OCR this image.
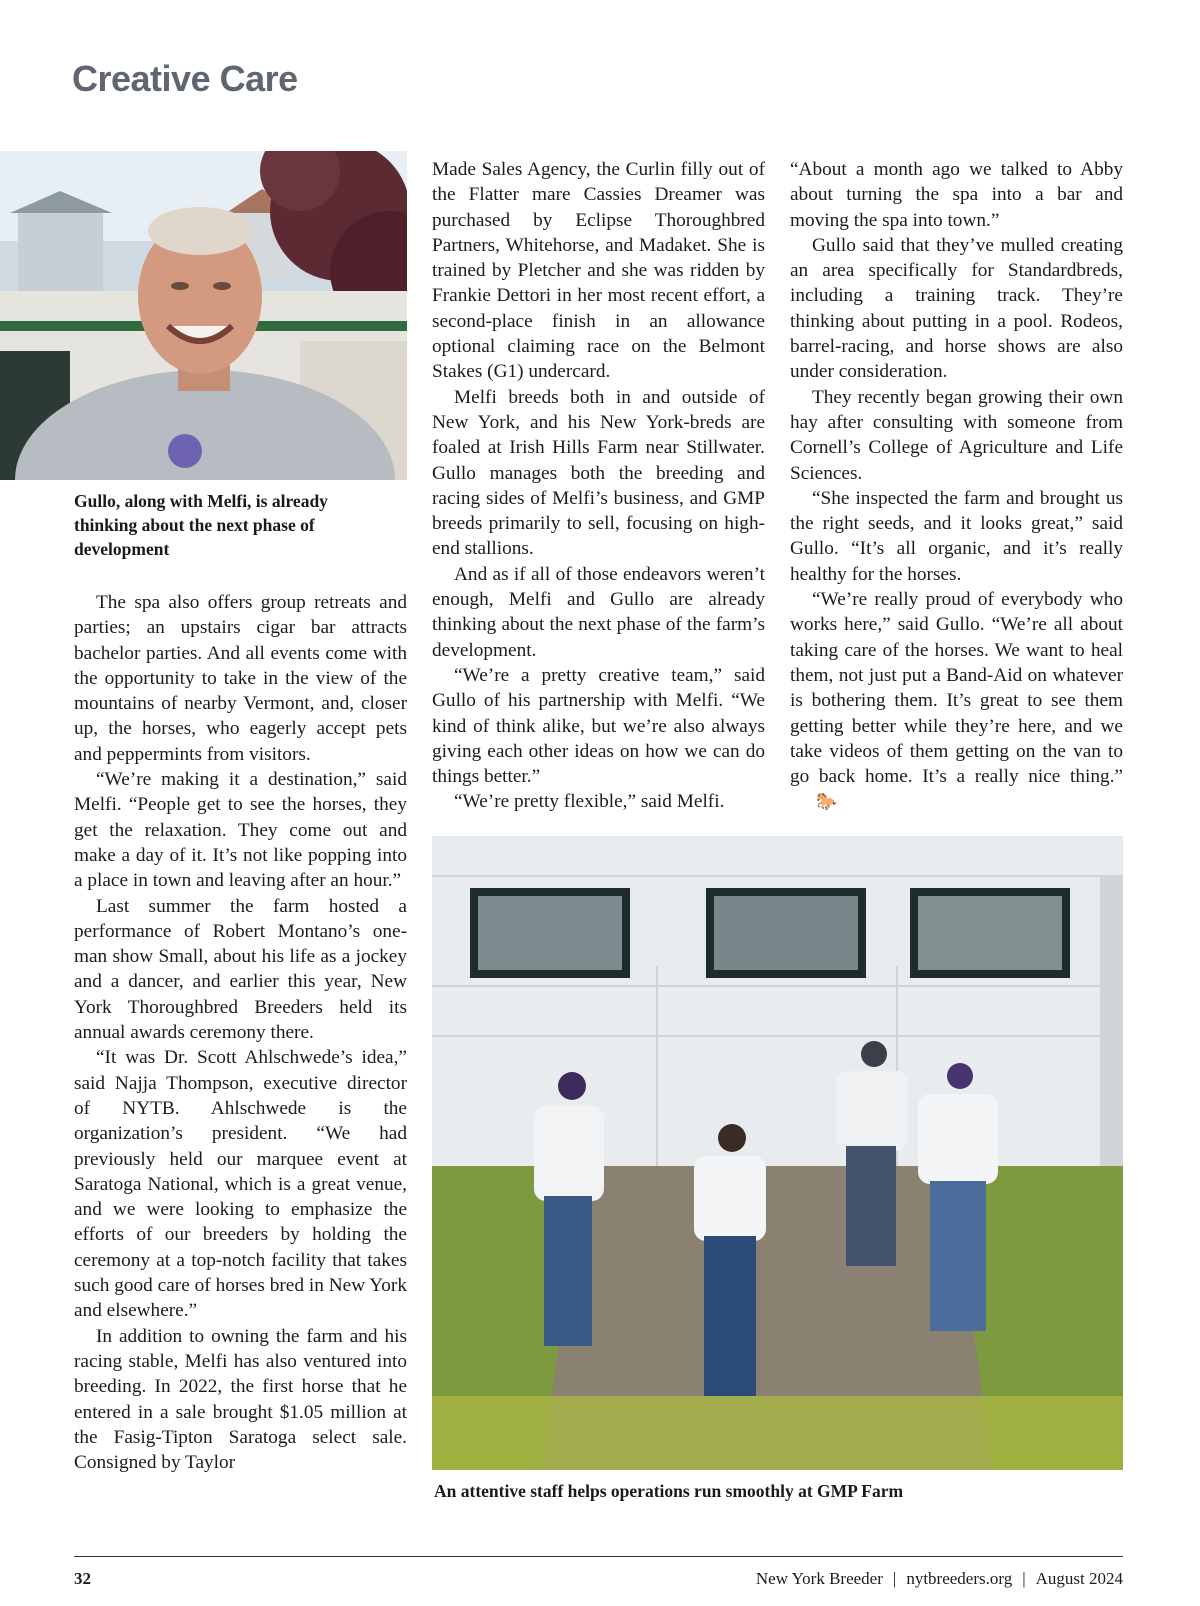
Creative Care

Gullo, along with Melfi, is already thinking about the next phase of development

The spa also offers group retreats and parties; an upstairs cigar bar attracts bachelor parties. And all events come with the opportunity to take in the view of the mountains of nearby Vermont, and, closer up, the horses, who eagerly accept pets and peppermints from visitors.

“We’re making it a destination,” said Melfi. “People get to see the horses, they get the relaxation. They come out and make a day of it. It’s not like popping into a place in town and leaving after an hour.”

Last summer the farm hosted a performance of Robert Montano’s one-man show Small, about his life as a jockey and a dancer, and earlier this year, New York Thoroughbred Breeders held its annual awards ceremony there.

“It was Dr. Scott Ahlschwede’s idea,” said Najja Thompson, executive director of NYTB. Ahlschwede is the organization’s president. “We had previously held our marquee event at Saratoga National, which is a great venue, and we were looking to emphasize the efforts of our breeders by holding the ceremony at a top-notch facility that takes such good care of horses bred in New York and elsewhere.”

In addition to owning the farm and his racing stable, Melfi has also ventured into breeding. In 2022, the first horse that he entered in a sale brought $1.05 million at the Fasig-Tipton Saratoga select sale. Consigned by Taylor

Made Sales Agency, the Curlin filly out of the Flatter mare Cassies Dreamer was purchased by Eclipse Thoroughbred Partners, Whitehorse, and Madaket. She is trained by Pletcher and she was ridden by Frankie Dettori in her most recent effort, a second-place finish in an allowance optional claiming race on the Belmont Stakes (G1) undercard.

Melfi breeds both in and outside of New York, and his New York-breds are foaled at Irish Hills Farm near Stillwater. Gullo manages both the breeding and racing sides of Melfi’s business, and GMP breeds primarily to sell, focusing on high-end stallions.

And as if all of those endeavors weren’t enough, Melfi and Gullo are already thinking about the next phase of the farm’s development.

“We’re a pretty creative team,” said Gullo of his partnership with Melfi. “We kind of think alike, but we’re also always giving each other ideas on how we can do things better.”

“We’re pretty flexible,” said Melfi.

“About a month ago we talked to Abby about turning the spa into a bar and moving the spa into town.”

Gullo said that they’ve mulled creating an area specifically for Standardbreds, including a training track. They’re thinking about putting in a pool. Rodeos, barrel-racing, and horse shows are also under consideration.

They recently began growing their own hay after consulting with someone from Cornell’s College of Agriculture and Life Sciences.

“She inspected the farm and brought us the right seeds, and it looks great,” said Gullo. “It’s all organic, and it’s really healthy for the horses.

“We’re really proud of everybody who works here,” said Gullo. “We’re all about taking care of the horses. We want to heal them, not just put a Band-Aid on whatever is bothering them. It’s great to see them getting better while they’re here, and we take videos of them getting on the van to go back home. It’s a really nice thing.”🐎

An attentive staff helps operations run smoothly at GMP Farm

32	New York Breeder | nytbreeders.org | August 2024
